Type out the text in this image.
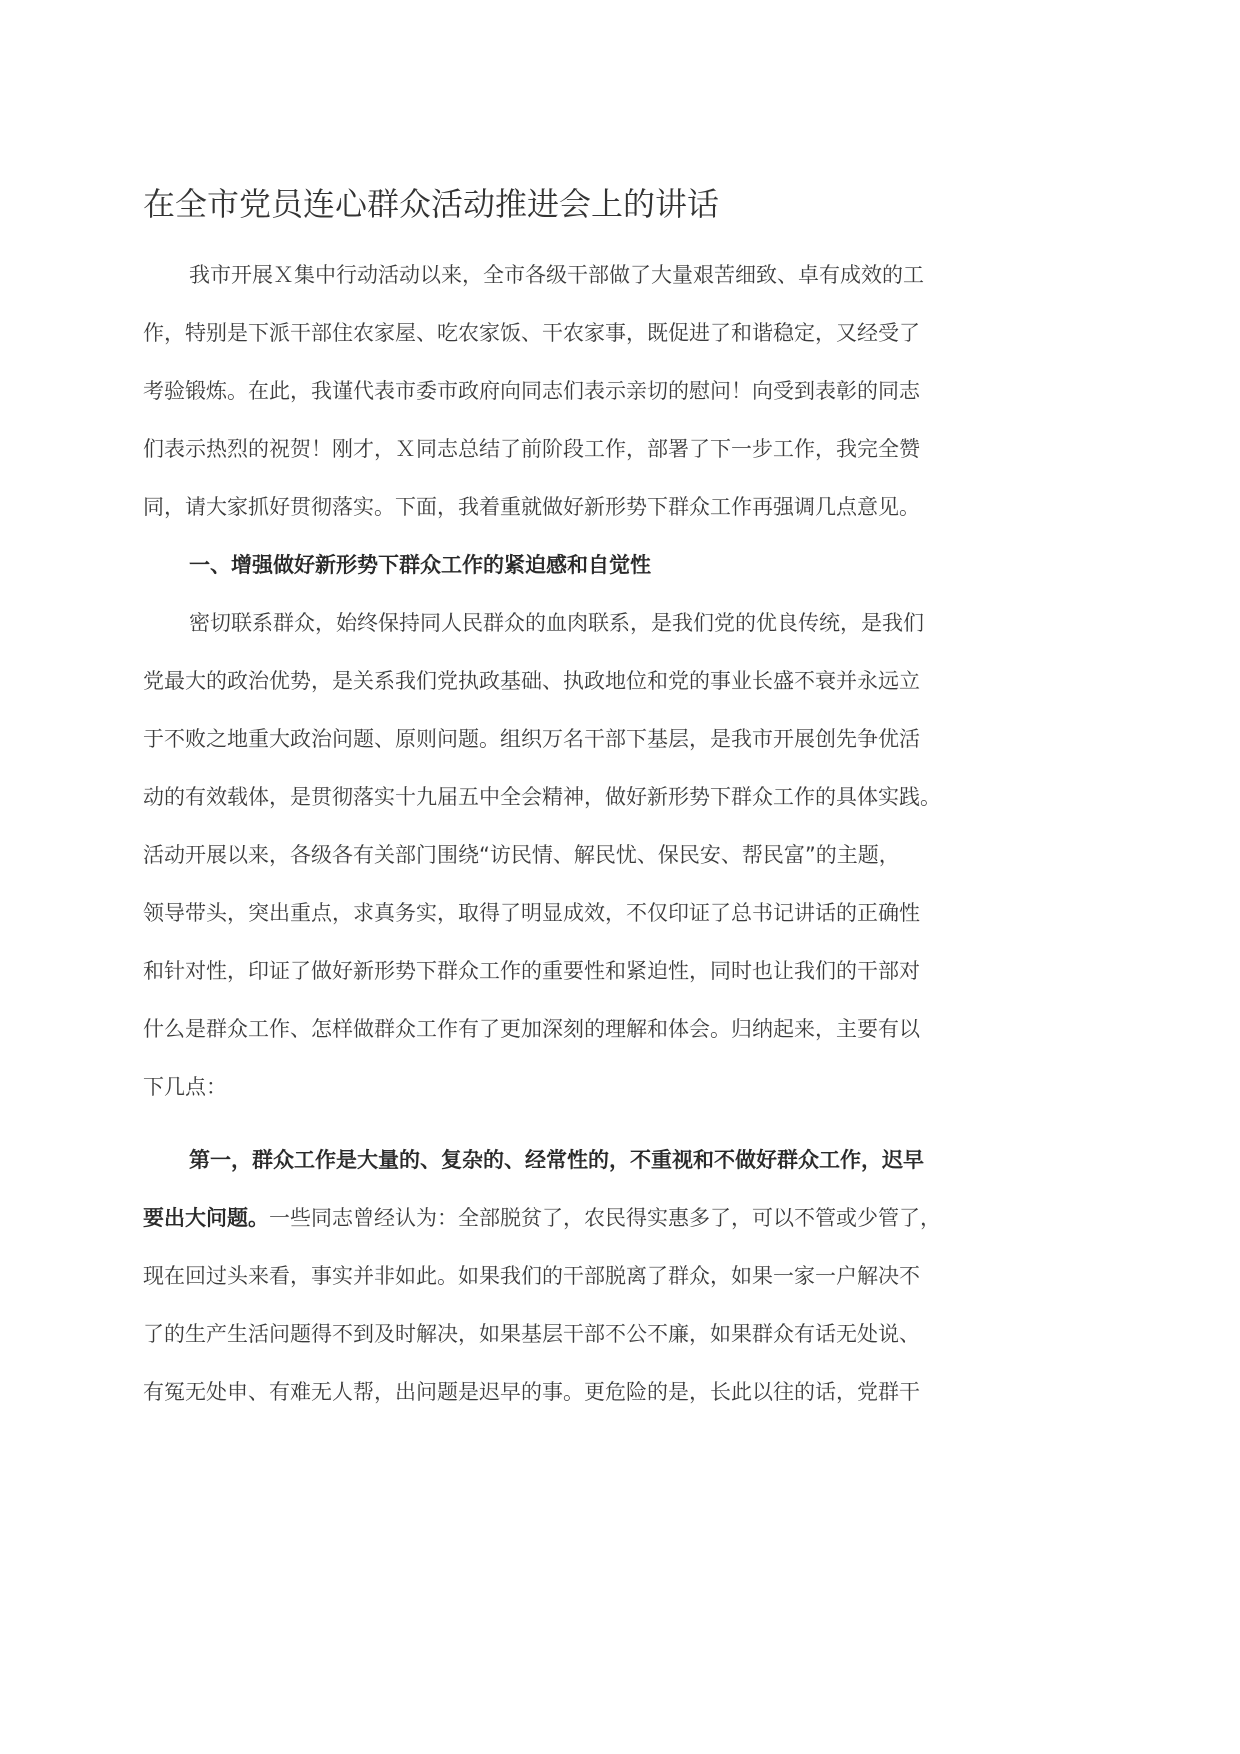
在全市党员连心群众活动推进会上的讲话
我市开展Ｘ集中行动活动以来，全市各级干部做了大量艰苦细致、卓有成效的工
作，特别是下派干部住农家屋、吃农家饭、干农家事，既促进了和谐稳定，又经受了
考验锻炼。在此，我谨代表市委市政府向同志们表示亲切的慰问！向受到表彰的同志
们表示热烈的祝贺！刚才，Ｘ同志总结了前阶段工作，部署了下一步工作，我完全赞
同，请大家抓好贯彻落实。下面，我着重就做好新形势下群众工作再强调几点意见。
一、增强做好新形势下群众工作的紧迫感和自觉性
密切联系群众，始终保持同人民群众的血肉联系，是我们党的优良传统，是我们
党最大的政治优势，是关系我们党执政基础、执政地位和党的事业长盛不衰并永远立
于不败之地重大政治问题、原则问题。组织万名干部下基层，是我市开展创先争优活
动的有效载体，是贯彻落实十九届五中全会精神，做好新形势下群众工作的具体实践。
活动开展以来，各级各有关部门围绕“访民情、解民忧、保民安、帮民富”的主题，
领导带头，突出重点，求真务实，取得了明显成效，不仅印证了总书记讲话的正确性
和针对性，印证了做好新形势下群众工作的重要性和紧迫性，同时也让我们的干部对
什么是群众工作、怎样做群众工作有了更加深刻的理解和体会。归纳起来，主要有以
下几点：
第一，群众工作是大量的、复杂的、经常性的，不重视和不做好群众工作，迟早
要出大问题。一些同志曾经认为：全部脱贫了，农民得实惠多了，可以不管或少管了，
现在回过头来看，事实并非如此。如果我们的干部脱离了群众，如果一家一户解决不
了的生产生活问题得不到及时解决，如果基层干部不公不廉，如果群众有话无处说、
有冤无处申、有难无人帮，出问题是迟早的事。更危险的是，长此以往的话，党群干
